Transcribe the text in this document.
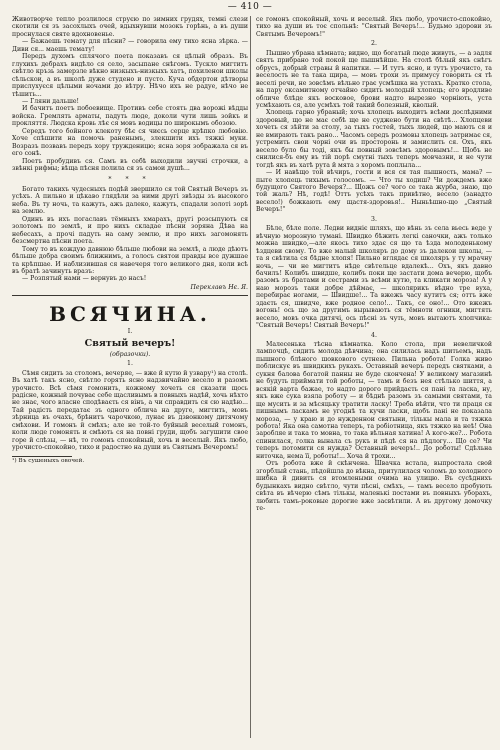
— 410 —

Животворче тепло розлилося струєю по зимних грудях, темні слези скотили ся зъ засохлыхъ очей, вдыхнувши мозокъ горѣнь, а въ души проснулася святе вдохновенье.

— Бажаешь темату для пѣсни? — говорила ему тихо ясна зѣрка. — Диви ся... маешь темату!

Передъ духомъ сплячого поета показавъ ся цѣлый образъ. Въ глухихъ дебрахъ видѣло ся село, засыпане снѣгомъ. Тускло мигтитъ свѣтло кръзь замерзле вѣкно низкыхъ-низкыхъ хатъ, похиленои школы сѣльскои, а въ школѣ дуже студено и пусто. Куча обдертои дѣтворы прислухуєся цѣлыми ночами до вѣтру. Нѣчо ихъ не радуе, нѣчо не тѣшить...

— Гляни дальше!

И бачитъ поетъ побоевище. Противъ себе стоять два ворожі вѣдды войска. Гремлять арматы, падуть люде, доколи чути лишь зойкъ и прокляття. Людска кровь лѣє ся мовъ водицы по широкымъ обозою.

Середъ того бойного клекоту бѣє ся чиєсь серце крѣпко любовію. Хоче спѣшити на помочь раненымъ, злекшити ихъ тяжкі муки. Возразъ позвавъ передъ хору тружденицю; ясна зоря зображала ся въ его сонѣ.

Поетъ пробудивъ ся. Самъ въ себѣ выходили звучні строчки, а звѣнкі рифмы; вѣща пѣсня полила ся зъ самои душѣ...

* * *

Богато такихъ чудесныхъ подѣй звершило ся той Святый Вечеръ зъ усѣхъ. А пильно и цѣкаво глядѣли за ними другі звѣзды зъ высокого неба. Въ ту ночь, та кажуть, ажъ далеко, кажуть, спадали золоті зорѣ на землю.

Одинъ въ ихъ погаславъ тёмныхъ хмарахъ, другі розсыпують ся золотомъ по землѣ, и про нихъ складае пѣсни зоряна Дѣва на небесахъ, а прочі падуть на саму землю, и про нихъ загомонять безсмертна пѣсни поета.

Тому то въ кождую давнюю бѣльше любови на землѣ, а люде дѣютъ бѣльше добра своимъ ближнимъ, а голосъ святои правды все дужшае та крѣпшае. И наблизившая ся навечеря того великого дня, коли всѣ въ братѣ зачинуть вразъ:

— Розпятый нами — вернувъ до насъ!

Переклавъ Нє. Я.
ВСЯЧИНА.
I.
Святый вечеръ!
(образочки).
1.

Сѣмя сидить за столомъ, вечеряе, — вже й кутю й узвару¹) на столѣ. Въ хатѣ такъ ясно, свѣтло горять ясно надзвичайно весело и разомъ урочисто. Всѣ сѣмя гомонить, кожному хочеть ся сказати щось радісне, кожный почуває себе щасливымъ в повныхъ надѣй, хочь нѣхто не знає, чого власне сподѣваєть ся вінъ, а чи справдить ся сю надѣю... Тай радість передатає зъ одного облича на друге, мигтить, мовъ зѣрница въ очахъ, брѣнитъ чарочкою, лунає въ дзвонкому дитячому смѣхови. И гомонъ й смѣхъ; але не той-то буйный веселый гомонъ, коли люде гомонять и смѣють ся на повні груди, щобъ загушити свое горе й слѣзы, — нѣ, то гомонъ спокойный, хочь и веселый. Якъ любо, урочисто-спокойно, тихо и радостно на души въ Святымъ Вечеромъ!

¹) Въ сушеныхъ овочей.

се гомонъ спокойный, хочь и веселый. Якъ любо, урочисто-спокойно, тихо на души въ тоє спольнѣ: "Святый Вечеръ!... Будьмо здорови зъ Святымъ Вечеромъ!"

2.

Пышно убрана кѣмната; видно, що богатый люде живуть, — а задля святъ прибрано той покой ще пышнѣйше. На столѣ бѣлый якъ снѣгъ обрусъ, добрый стравы й напитки. — И тутъ ясно, и тутъ урочисто, та веселость не та така щира, — мовъ трохи зъ примусу говорить ся тѣ веселі речи, не зовсѣмъ вѣльно грає усмѣшка на устахъ. Кратко стола, на пару оксамитному отчайно сидить молодый хлопець; его вродливе обличе блѣде якъ восковое, брови надто вырезно чорніють, уста усмѣхають ся, але усмѣхъ той такий болезный, кволый.

Хлопець гарно убраный; хочь хлопецъ выходитъ всѣми дослѣдними здоровый, що не має себѣ ще не суджено бути на свѣтѣ... Хлопцеви хочеть ся зѣйти за столу, за тыхъ гостей, тыхъ людей, що мають ся и не вмирають такъ рано... Часомъ середъ розмовы хлопецъ затримає ся, устремить свои чорні очи въ просторонь и замислить ся. Охъ, якъ весело було бы тоді, якъ бы повный зовсѣмъ здоровымъ!... Щобъ не снилися-бъ ему въ тій порѣ смутні тыхъ теперъ мовчазни, и не чути тогдѣ якъ въ хатѣ рута й мята з хоромъ поплыла...

— И навѣщо той вѣчиръ, гости и вся ся тая пышность, мама? — пыте хлопець тихымъ голосомъ. — Что ты ходиш? Чи дождемъ вже будущого Святого Вечеря?... Щожъ се? чого се така журба, знаю, що той жаль? Нѣ, годѣ! Оттъ усѣхъ такъ привѣтно, весело (занадто весело!) божкають ему щастя-здоровья!.. Ныньѣшно-що „Святый Вечеръ!"

3.

Бѣле, бѣле поле. Ледви видніє шляхъ, що вѣнь зъ села вьесь веде у вѣчную морозную тумані. Швидко бѣжить легкі саночки, ажъ только можна швидко,—але якось тихо здає ся що та ѣзда молоденькому ѣздцеви свому. То вже малый школяръ до дому зъ далекои школы, — та я свѣтила ся бѣдне хлопя! Пильно вглядає ся школяръ у ту мрачну ночь, — чи не мигтитъ нѣде свѣтельце вдалекѣ... Охъ, якъ давно бачилъ! Колибъ швидше, колибъ поки ще застати дома вечерю, щобъ разомъ зъ братами и сестрами зъ всѣми кутю, та кликати мороза! А у наю морозъ таки добре дѣймає, — школярикъ вѣдно тре вуха, перебирає ногами, — Швидше!... Та вжежъ часу кутитъ ся; оттъ вже здаєть ся, швидче, вже родное село!... Такъ, се оно!... Ото вжежъ вогонь! ось що за другимъ вырывають ся тёмноти огники, мигтять весело, мовъ очка дитячі, ось пѣсні зъ чуть, мовъ вытаютъ хлопчика: "Святый Вечеръ! Святый Вечеръ!"

4.

Малесенька тѣсна кѣмнатка. Коло стола, при невеличкой лампочцѣ, сидить молода дѣвчина; она силилась надъ шитьемъ, надъ пышного блѣного шовкового сутнею. Пильна робота! Голка живо поблискує въ швидкихъ рукахъ. Оставный вечеръ передъ святками, а сукня балова богатой панны не буде скончена! У великому магазинѣ не будуть приймати той роботы, — тамъ и безъ нея стѣлько шиття, а всякій варта бажае, то надто дорого прийдаєть ся пані та ласка, ну, якъ вже сука взяла роботу — и бѣднѣ разомъ зъ самыми святами, та ще мусить и за мѣсяцьку тратити ласку! Треба вѣйти, что ти праця ся пишнымъ ласкамъ не угоднѣ та кучи ласки, щобъ пані не показала мороза, — у краю и до нужденнои святыни, тількы мала и та тяжка робота! Яка она самотна теперъ, та робіотница, якъ тяжко на неѣ! Она заробляе и така то мовна, то така вѣльная хатина! А кого-же?... Робота спинилася, голка вынала съ рукъ и пѣдѣ ся на пѣдлогу... Що се? Чи теперъ потомити ся нужда? Оставный вечеръ!.. До роботы! Сдѣльна ниточка, нема її, роботы!... Хоча й трохи...

Отъ робота вже й скѣнчена. Швачка встала, выпростала свой згорблый стань, пѣдойшла до вѣкна, притулилася чоломъ до холодного шибка й дивить ся втомлеными очима на улицю. Въ сусѣднихъ будынкахъ видно свѣтло, чути пѣсні, смѣхъ, — тамъ весело пробують свѣта въ вѣчерю сѣмъ тількы, маленькі постами въ повныхъ уборахъ, любить тамъ-роковые дорогие вже засвѣтили. А въ другому домочку те-
